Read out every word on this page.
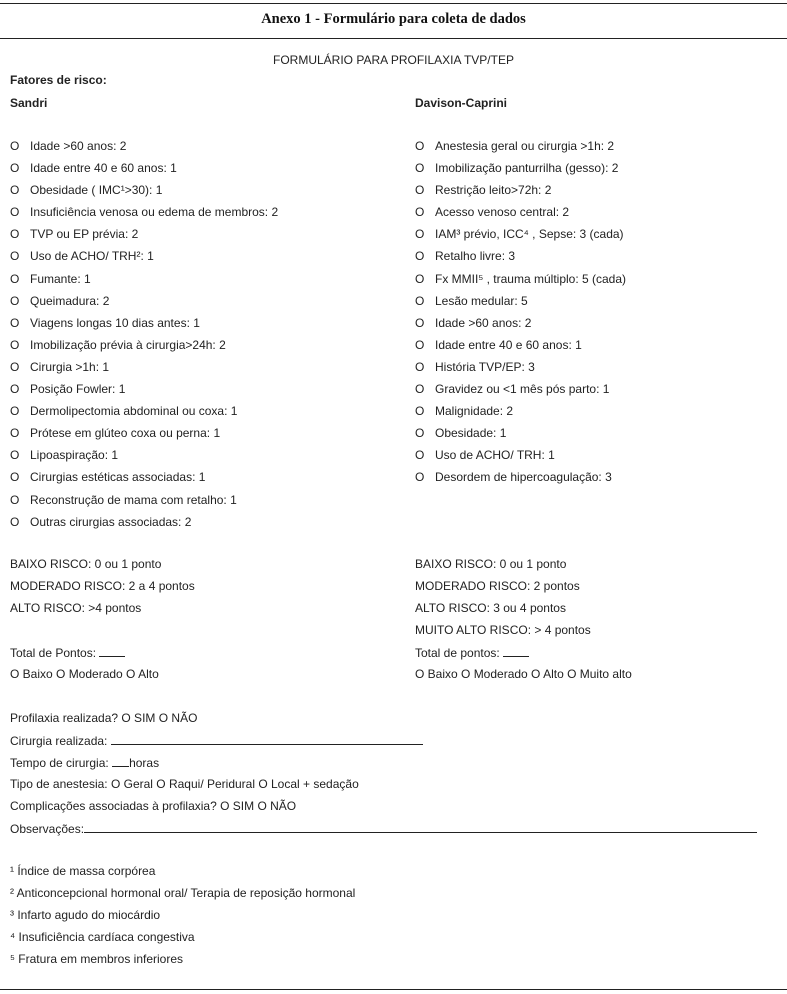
Anexo 1 - Formulário para coleta de dados
FORMULÁRIO PARA PROFILAXIA TVP/TEP
Fatores de risco:
Sandri	Davison-Caprini
O Idade >60 anos: 2
O Idade entre 40 e 60 anos: 1
O Obesidade ( IMC¹>30): 1
O Insuficiência venosa ou edema de membros: 2
O TVP ou EP prévia: 2
O Uso de ACHO/ TRH²: 1
O Fumante: 1
O Queimadura: 2
O Viagens longas 10 dias antes: 1
O Imobilização prévia à cirurgia>24h: 2
O Cirurgia >1h: 1
O Posição Fowler: 1
O Dermolipectomia abdominal ou coxa: 1
O Prótese em glúteo coxa ou perna: 1
O Lipoaspiração: 1
O Cirurgias estéticas associadas: 1
O Reconstrução de mama com retalho: 1
O Outras cirurgias associadas: 2
O Anestesia geral ou cirurgia >1h: 2
O Imobilização panturrilha (gesso): 2
O Restrição leito>72h: 2
O Acesso venoso central: 2
O IAM³ prévio, ICC⁴ , Sepse: 3 (cada)
O Retalho livre: 3
O Fx MMII⁵ , trauma múltiplo: 5 (cada)
O Lesão medular: 5
O Idade >60 anos: 2
O Idade entre 40 e 60 anos: 1
O História TVP/EP: 3
O Gravidez ou <1 mês pós parto: 1
O Malignidade: 2
O Obesidade: 1
O Uso de ACHO/ TRH: 1
O Desordem de hipercoagulação: 3
BAIXO RISCO: 0 ou 1 ponto
MODERADO RISCO: 2 a 4 pontos
ALTO RISCO: >4 pontos
BAIXO RISCO: 0 ou 1 ponto
MODERADO RISCO: 2 pontos
ALTO RISCO: 3 ou 4 pontos
MUITO ALTO RISCO: > 4 pontos
Total de Pontos:
O Baixo O Moderado O Alto
Total de pontos:
O Baixo O Moderado O Alto O Muito alto
Profilaxia realizada? O SIM O NÃO
Cirurgia realizada:
Tempo de cirurgia: horas
Tipo de anestesia: O Geral O Raqui/ Peridural O Local + sedação
Complicações associadas à profilaxia? O SIM O NÃO
Observações:
¹ Índice de massa corpórea
² Anticoncepcional hormonal oral/ Terapia de reposição hormonal
³ Infarto agudo do miocárdio
⁴ Insuficiência cardíaca congestiva
⁵ Fratura em membros inferiores
